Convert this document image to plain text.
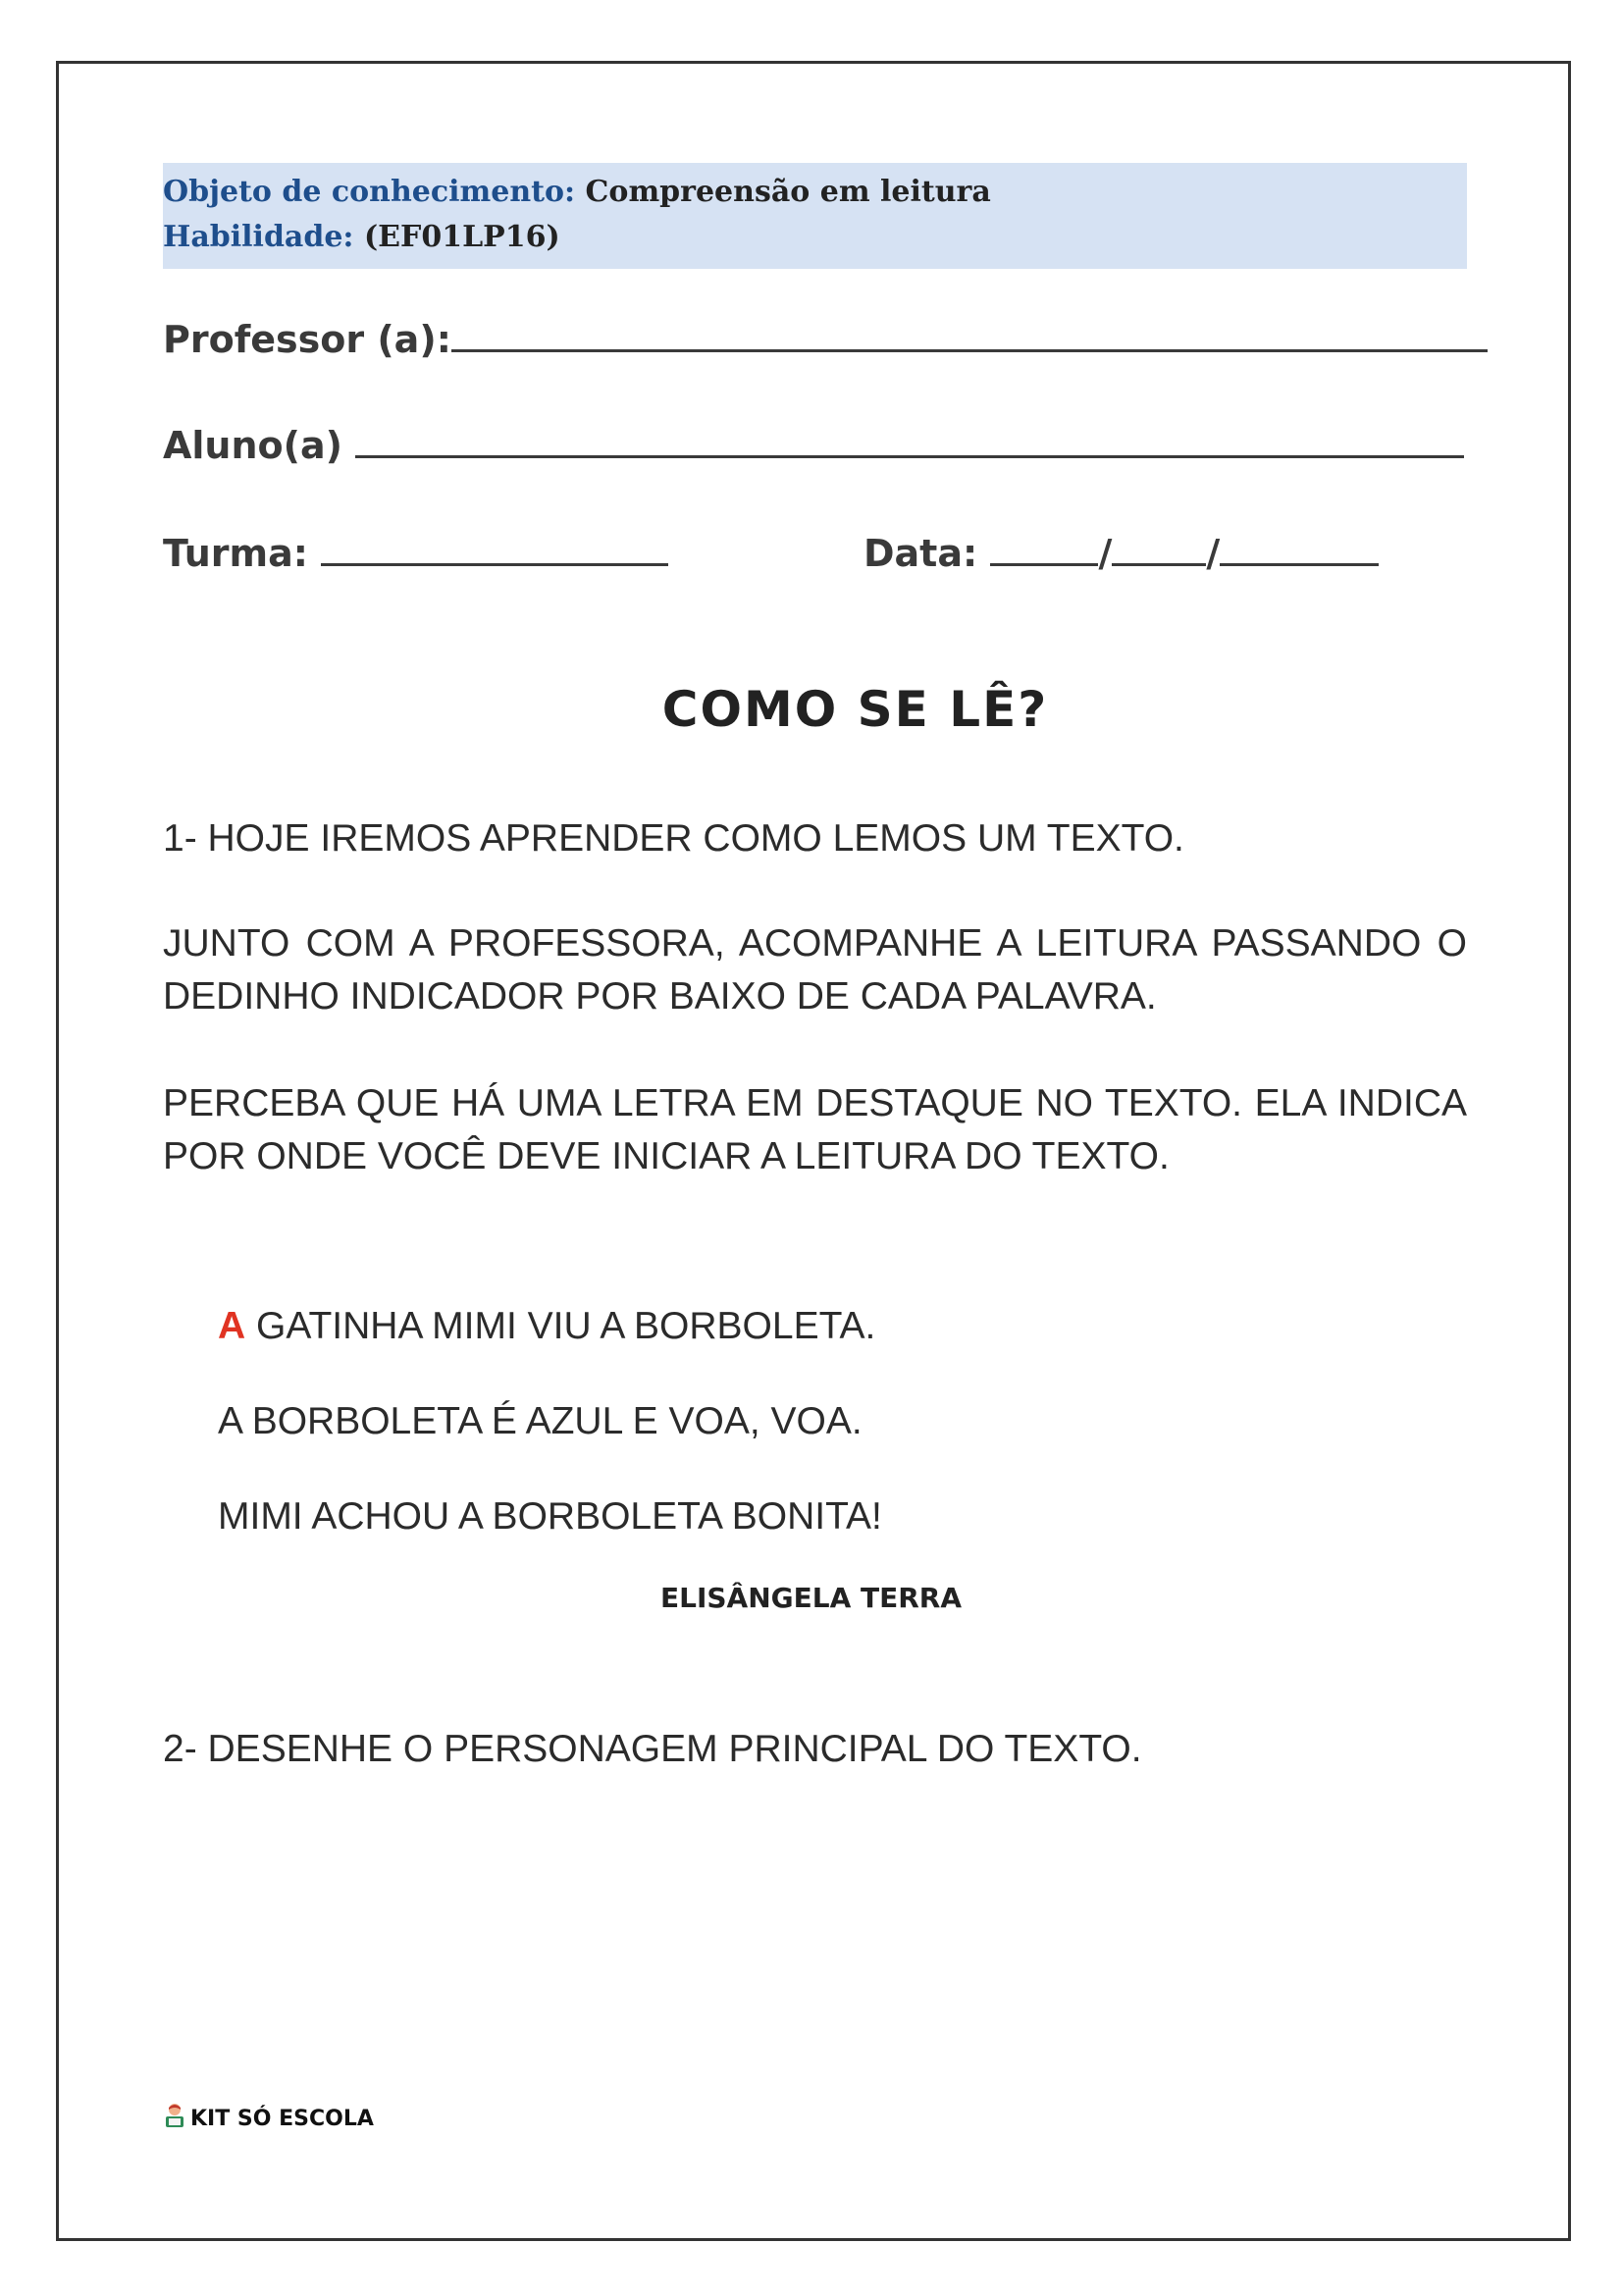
Objeto de conhecimento: Compreensão em leitura
Habilidade: (EF01LP16)
Professor (a):
Aluno(a)
Turma:	Data:	/	/
COMO SE LÊ?
1- HOJE IREMOS APRENDER COMO LEMOS UM TEXTO.
JUNTO COM A PROFESSORA, ACOMPANHE A LEITURA PASSANDO O
DEDINHO INDICADOR POR BAIXO DE CADA PALAVRA.
PERCEBA QUE HÁ UMA LETRA EM DESTAQUE NO TEXTO. ELA INDICA
POR ONDE VOCÊ DEVE INICIAR A LEITURA DO TEXTO.
A GATINHA MIMI VIU A BORBOLETA.
A BORBOLETA É AZUL E VOA, VOA.
MIMI ACHOU A BORBOLETA BONITA!
ELISÂNGELA TERRA
2- DESENHE O PERSONAGEM PRINCIPAL DO TEXTO.
KIT SÓ ESCOLA
